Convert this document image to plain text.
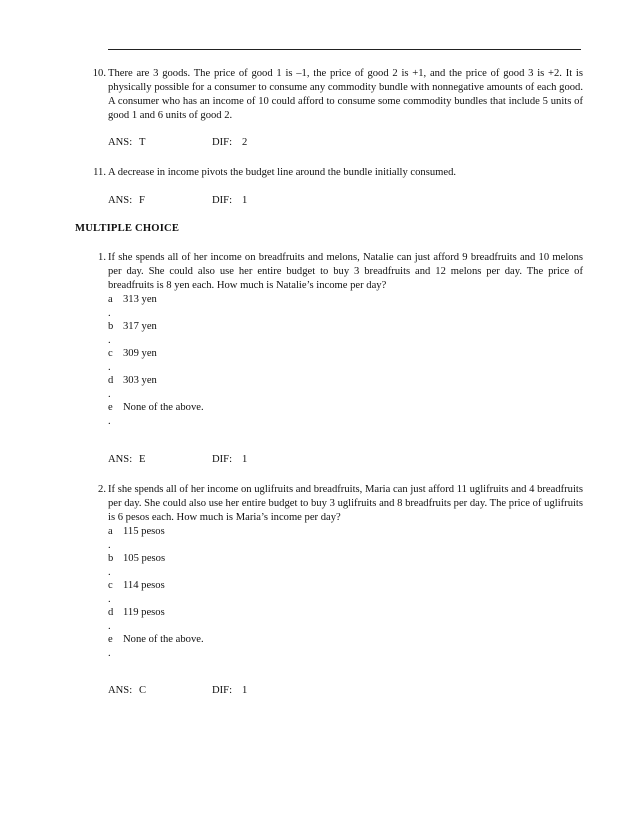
10. There are 3 goods. The price of good 1 is –1, the price of good 2 is +1, and the price of good 3 is +2. It is physically possible for a consumer to consume any commodity bundle with nonnegative amounts of each good. A consumer who has an income of 10 could afford to consume some commodity bundles that include 5 units of good 1 and 6 units of good 2.
ANS: T	DIF: 2
11. A decrease in income pivots the budget line around the bundle initially consumed.
ANS: F	DIF: 1
MULTIPLE CHOICE
1. If she spends all of her income on breadfruits and melons, Natalie can just afford 9 breadfruits and 10 melons per day. She could also use her entire budget to buy 3 breadfruits and 12 melons per day. The price of breadfruits is 8 yen each. How much is Natalie’s income per day?
a 313 yen
.
b 317 yen
.
c 309 yen
.
d 303 yen
.
e None of the above.
.
ANS: E	DIF: 1
2. If she spends all of her income on uglifruits and breadfruits, Maria can just afford 11 uglifruits and 4 breadfruits per day. She could also use her entire budget to buy 3 uglifruits and 8 breadfruits per day. The price of uglifruits is 6 pesos each. How much is Maria’s income per day?
a 115 pesos
.
b 105 pesos
.
c 114 pesos
.
d 119 pesos
.
e None of the above.
.
ANS: C	DIF: 1
